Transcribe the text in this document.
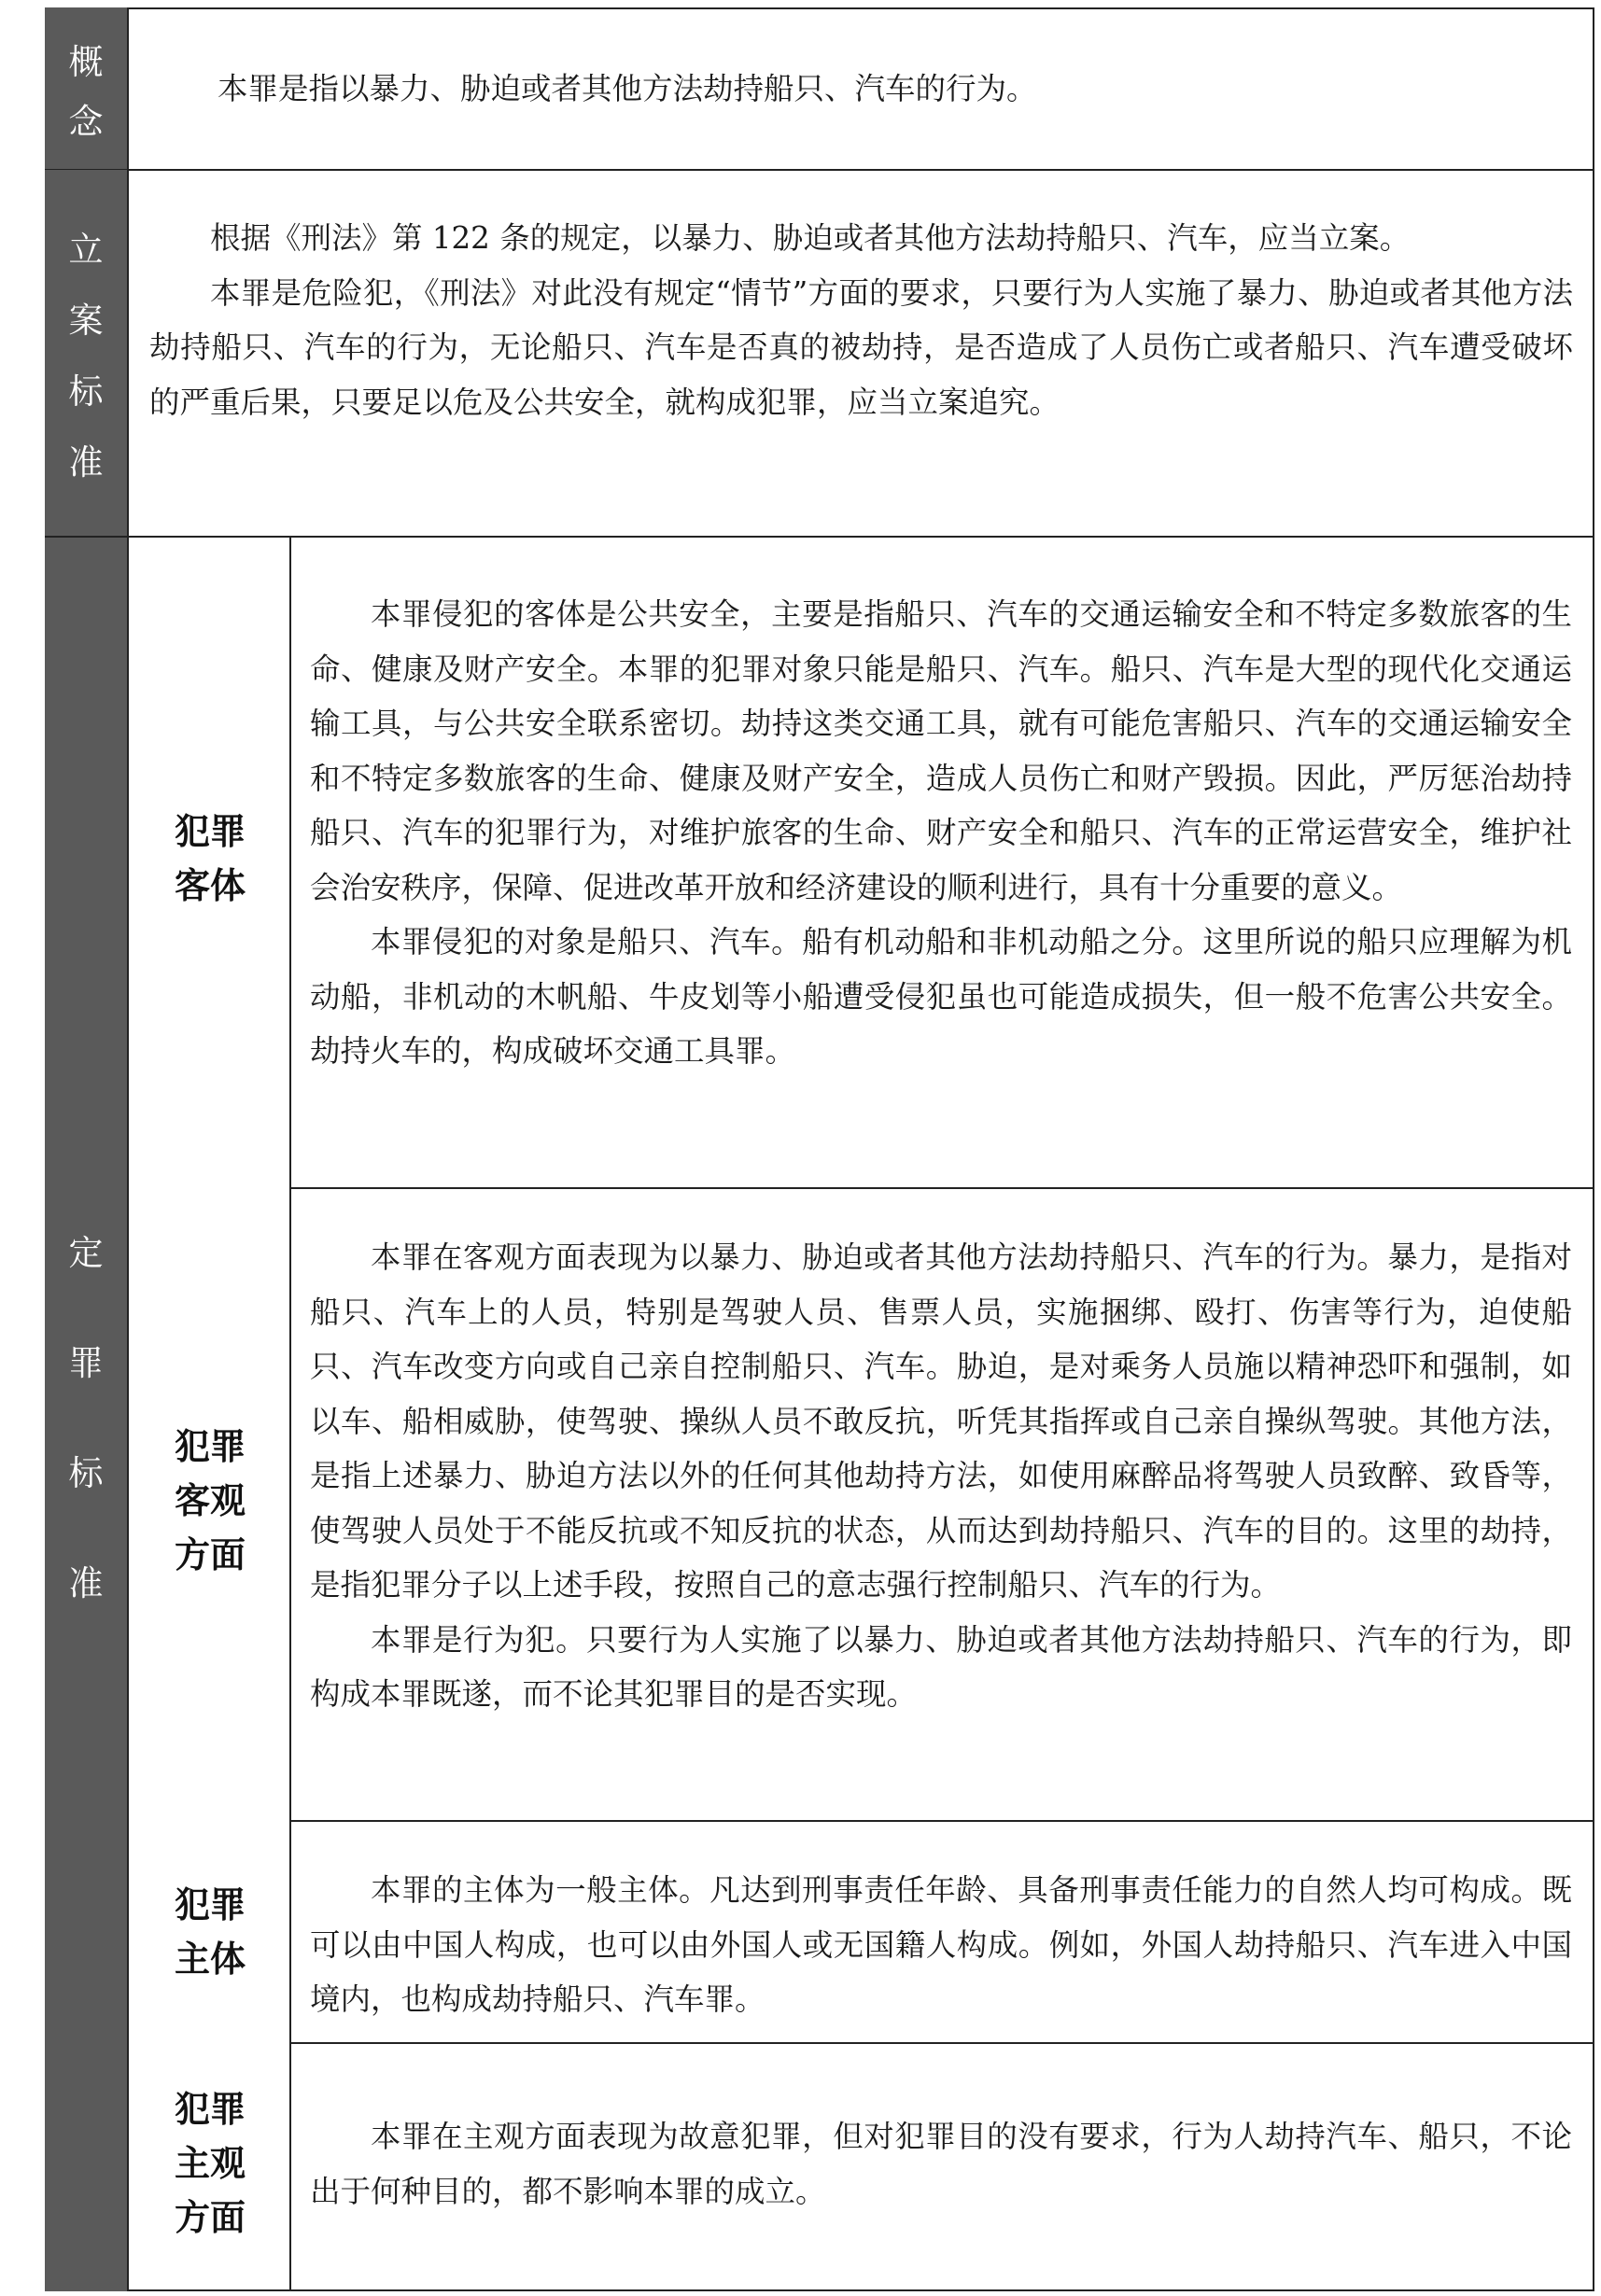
概
念

本罪是指以暴力、胁迫或者其他方法劫持船只、汽车的行为。

立
案
标
准

根据《刑法》第 122 条的规定，以暴力、胁迫或者其他方法劫持船只、汽车，应当立案。

本罪是危险犯，《刑法》对此没有规定“情节”方面的要求，只要行为人实施了暴力、胁迫或者其他方法劫持船只、汽车的行为，无论船只、汽车是否真的被劫持，是否造成了人员伤亡或者船只、汽车遭受破坏的严重后果，只要足以危及公共安全，就构成犯罪，应当立案追究。

定
罪
标
准
犯罪
客体

本罪侵犯的客体是公共安全，主要是指船只、汽车的交通运输安全和不特定多数旅客的生命、健康及财产安全。本罪的犯罪对象只能是船只、汽车。船只、汽车是大型的现代化交通运输工具，与公共安全联系密切。劫持这类交通工具，就有可能危害船只、汽车的交通运输安全和不特定多数旅客的生命、健康及财产安全，造成人员伤亡和财产毁损。因此，严厉惩治劫持船只、汽车的犯罪行为，对维护旅客的生命、财产安全和船只、汽车的正常运营安全，维护社会治安秩序，保障、促进改革开放和经济建设的顺利进行，具有十分重要的意义。

本罪侵犯的对象是船只、汽车。船有机动船和非机动船之分。这里所说的船只应理解为机动船，非机动的木帆船、牛皮划等小船遭受侵犯虽也可能造成损失，但一般不危害公共安全。劫持火车的，构成破坏交通工具罪。

犯罪
客观
方面

本罪在客观方面表现为以暴力、胁迫或者其他方法劫持船只、汽车的行为。暴力，是指对船只、汽车上的人员，特别是驾驶人员、售票人员，实施捆绑、殴打、伤害等行为，迫使船只、汽车改变方向或自己亲自控制船只、汽车。胁迫，是对乘务人员施以精神恐吓和强制，如以车、船相威胁，使驾驶、操纵人员不敢反抗，听凭其指挥或自己亲自操纵驾驶。其他方法，是指上述暴力、胁迫方法以外的任何其他劫持方法，如使用麻醉品将驾驶人员致醉、致昏等，使驾驶人员处于不能反抗或不知反抗的状态，从而达到劫持船只、汽车的目的。这里的劫持，是指犯罪分子以上述手段，按照自己的意志强行控制船只、汽车的行为。

本罪是行为犯。只要行为人实施了以暴力、胁迫或者其他方法劫持船只、汽车的行为，即构成本罪既遂，而不论其犯罪目的是否实现。

犯罪
主体

本罪的主体为一般主体。凡达到刑事责任年龄、具备刑事责任能力的自然人均可构成。既可以由中国人构成，也可以由外国人或无国籍人构成。例如，外国人劫持船只、汽车进入中国境内，也构成劫持船只、汽车罪。

犯罪
主观
方面

本罪在主观方面表现为故意犯罪，但对犯罪目的没有要求，行为人劫持汽车、船只，不论出于何种目的，都不影响本罪的成立。
